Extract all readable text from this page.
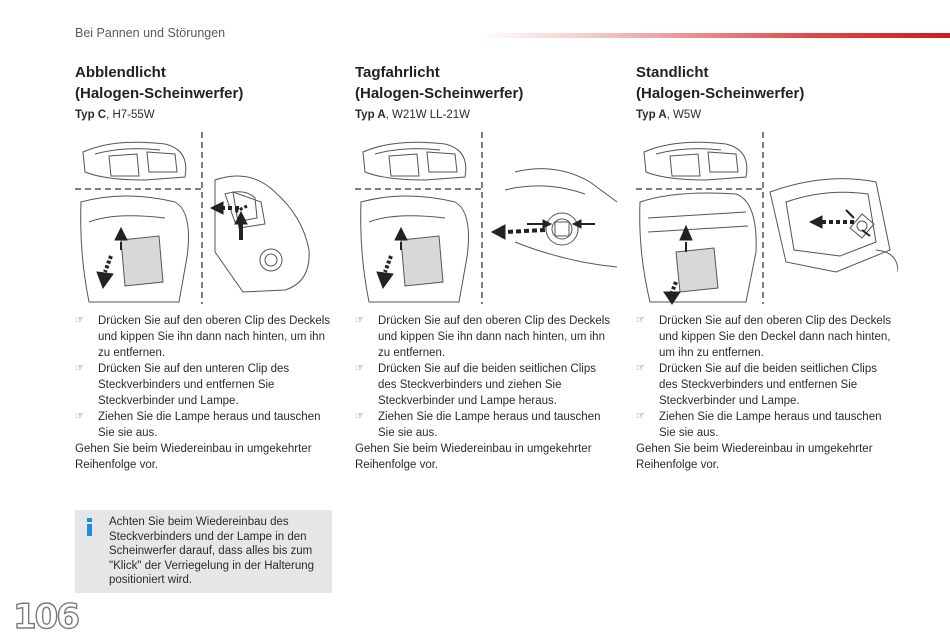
Bei Pannen und Störungen
Abblendlicht
(Halogen-Scheinwerfer)
Typ C, H7-55W
☞ Drücken Sie auf den oberen Clip des Deckels und kippen Sie ihn dann nach hinten, um ihn zu entfernen.
☞ Drücken Sie auf den unteren Clip des Steckverbinders und entfernen Sie Steckverbinder und Lampe.
☞ Ziehen Sie die Lampe heraus und tauschen Sie sie aus.
Gehen Sie beim Wiedereinbau in umgekehrter Reihenfolge vor.
Tagfahrlicht
(Halogen-Scheinwerfer)
Typ A, W21W LL-21W
☞ Drücken Sie auf den oberen Clip des Deckels und kippen Sie ihn dann nach hinten, um ihn zu entfernen.
☞ Drücken Sie auf die beiden seitlichen Clips des Steckverbinders und ziehen Sie Steckverbinder und Lampe heraus.
☞ Ziehen Sie die Lampe heraus und tauschen Sie sie aus.
Gehen Sie beim Wiedereinbau in umgekehrter Reihenfolge vor.
Standlicht
(Halogen-Scheinwerfer)
Typ A, W5W
☞ Drücken Sie auf den oberen Clip des Deckels und kippen Sie den Deckel dann nach hinten, um ihn zu entfernen.
☞ Drücken Sie auf die beiden seitlichen Clips des Steckverbinders und entfernen Sie Steckverbinder und Lampe.
☞ Ziehen Sie die Lampe heraus und tauschen Sie sie aus.
Gehen Sie beim Wiedereinbau in umgekehrter Reihenfolge vor.
Achten Sie beim Wiedereinbau des Steckverbinders und der Lampe in den Scheinwerfer darauf, dass alles bis zum "Klick" der Verriegelung in der Halterung positioniert wird.
106
